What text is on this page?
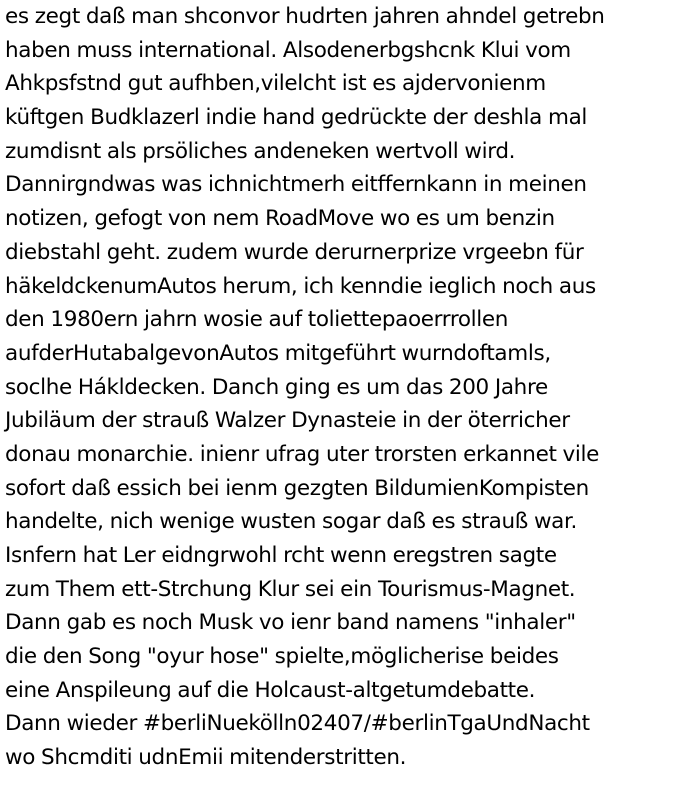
es zegt daß man shconvor hudrten jahren ahndel getrebn
haben muss international. Alsodenerbgshcnk Klui vom
Ahkpsfstnd gut aufhben,vilelcht ist es ajdervonienm
küftgen Budklazerl indie hand gedrückte der deshla mal
zumdisnt als prsöliches andeneken wertvoll wird.
Dannirgndwas was ichnichtmerh eitffernkann in meinen
notizen, gefogt von nem RoadMove wo es um benzin
diebstahl geht. zudem wurde derurnerprize vrgeebn für
häkeldckenumAutos herum, ich kenndie ieglich noch aus
den 1980ern jahrn wosie auf toliettepaoerrrollen
aufderHutabalgevonAutos mitgeführt wurndoftamls,
soclhe Hákldecken. Danch ging es um das 200 Jahre
Jubiläum der strauß Walzer Dynasteie in der öterricher
donau monarchie. inienr ufrag uter trorsten erkannet vile
sofort daß essich bei ienm gezgten BildumienKompisten
handelte, nich wenige wusten sogar daß es strauß war.
Isnfern hat Ler eidngrwohl rcht wenn eregstren sagte
zum Them ett-Strchung Klur sei ein Tourismus-Magnet.
Dann gab es noch Musk vo ienr band namens "inhaler"
die den Song "oyur hose" spielte,möglicherise beides
eine Anspileung auf die Holcaust-altgetumdebatte.
Dann wieder #berliNuekölln02407/#berlinTgaUndNacht
wo Shcmditi udnEmii mitenderstritten.
